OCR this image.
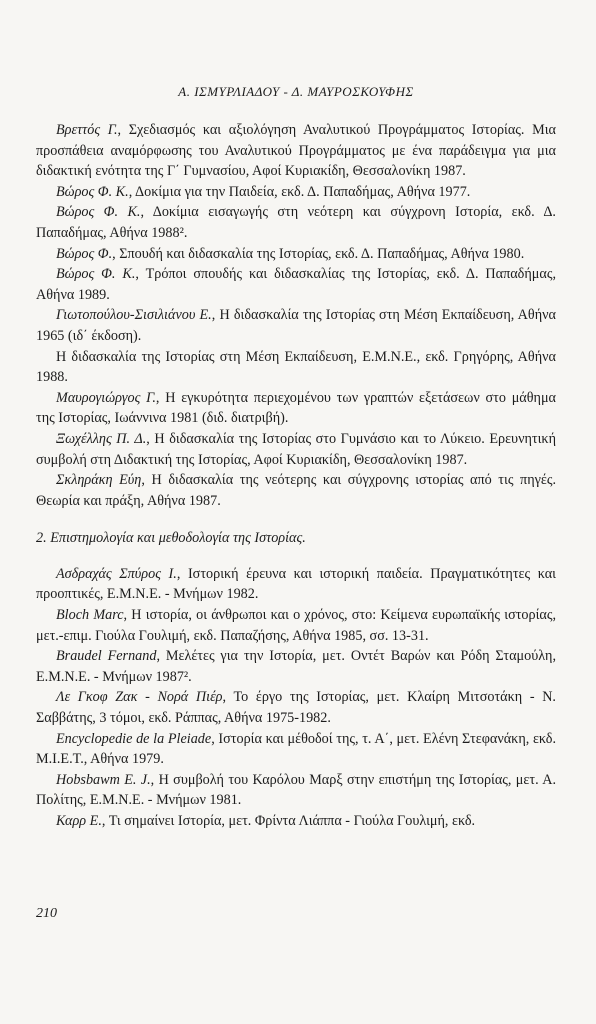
Α. ΙΣΜΥΡΛΙΑΔΟΥ - Δ. ΜΑΥΡΟΣΚΟΥΦΗΣ

Βρεττός Γ., Σχεδιασμός και αξιολόγηση Αναλυτικού Προγράμματος Ιστορίας. Μια προσπάθεια αναμόρφωσης του Αναλυτικού Προγράμματος με ένα παράδειγμα για μια διδακτική ενότητα της Γ΄ Γυμνασίου, Αφοί Κυριακίδη, Θεσσαλονίκη 1987.

Βώρος Φ. Κ., Δοκίμια για την Παιδεία, εκδ. Δ. Παπαδήμας, Αθήνα 1977.

Βώρος Φ. Κ., Δοκίμια εισαγωγής στη νεότερη και σύγχρονη Ιστορία, εκδ. Δ. Παπαδήμας, Αθήνα 1988².

Βώρος Φ., Σπουδή και διδασκαλία της Ιστορίας, εκδ. Δ. Παπαδήμας, Αθήνα 1980.

Βώρος Φ. Κ., Τρόποι σπουδής και διδασκαλίας της Ιστορίας, εκδ. Δ. Παπαδήμας, Αθήνα 1989.

Γιωτοπούλου-Σισιλιάνου Ε., Η διδασκαλία της Ιστορίας στη Μέση Εκπαίδευση, Αθήνα 1965 (ιδ΄ έκδοση).

Η διδασκαλία της Ιστορίας στη Μέση Εκπαίδευση, Ε.Μ.Ν.Ε., εκδ. Γρηγόρης, Αθήνα 1988.

Μαυρογιώργος Γ., Η εγκυρότητα περιεχομένου των γραπτών εξετάσεων στο μάθημα της Ιστορίας, Ιωάννινα 1981 (διδ. διατριβή).

Ξωχέλλης Π. Δ., Η διδασκαλία της Ιστορίας στο Γυμνάσιο και το Λύκειο. Ερευνητική συμβολή στη Διδακτική της Ιστορίας, Αφοί Κυριακίδη, Θεσσαλονίκη 1987.

Σκληράκη Εύη, Η διδασκαλία της νεότερης και σύγχρονης ιστορίας από τις πηγές. Θεωρία και πράξη, Αθήνα 1987.

2. Επιστημολογία και μεθοδολογία της Ιστορίας.

Ασδραχάς Σπύρος Ι., Ιστορική έρευνα και ιστορική παιδεία. Πραγματικότητες και προοπτικές, Ε.Μ.Ν.Ε. - Μνήμων 1982.

Bloch Marc, Η ιστορία, οι άνθρωποι και ο χρόνος, στο: Κείμενα ευρωπαϊκής ιστορίας, μετ.-επιμ. Γιούλα Γουλιμή, εκδ. Παπαζήσης, Αθήνα 1985, σσ. 13-31.

Braudel Fernand, Μελέτες για την Ιστορία, μετ. Οντέτ Βαρών και Ρόδη Σταμούλη, Ε.Μ.Ν.Ε. - Μνήμων 1987².

Λε Γκοφ Ζακ - Νορά Πιέρ, Το έργο της Ιστορίας, μετ. Κλαίρη Μιτσοτάκη - Ν. Σαββάτης, 3 τόμοι, εκδ. Ράππας, Αθήνα 1975-1982.

Encyclopedie de la Pleiade, Ιστορία και μέθοδοί της, τ. Α΄, μετ. Ελένη Στεφανάκη, εκδ. Μ.Ι.Ε.Τ., Αθήνα 1979.

Hobsbawm E. J., Η συμβολή του Καρόλου Μαρξ στην επιστήμη της Ιστορίας, μετ. Α. Πολίτης, Ε.Μ.Ν.Ε. - Μνήμων 1981.

Καρρ Ε., Τι σημαίνει Ιστορία, μετ. Φρίντα Λιάππα - Γιούλα Γουλιμή, εκδ.

210
